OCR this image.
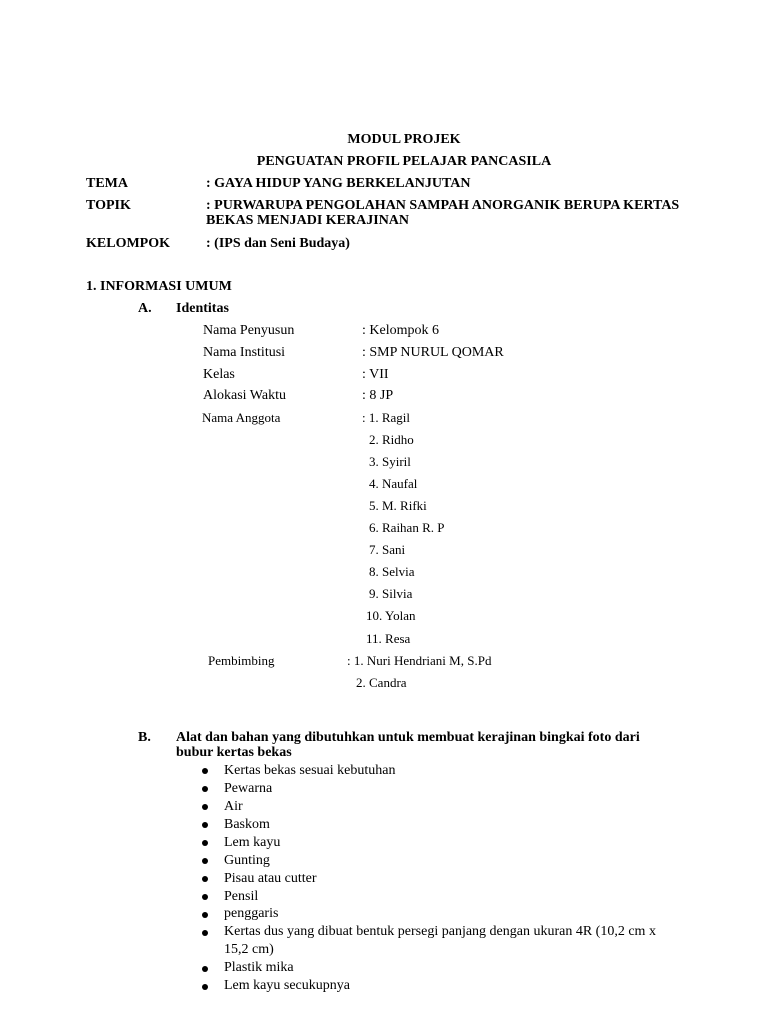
MODUL PROJEK
PENGUATAN PROFIL PELAJAR PANCASILA
TEMA	: GAYA HIDUP YANG BERKELANJUTAN
TOPIK	: PURWARUPA PENGOLAHAN SAMPAH ANORGANIK BERUPA KERTAS
BEKAS MENJADI KERAJINAN
KELOMPOK	: (IPS dan Seni Budaya)
1. INFORMASI UMUM
A. Identitas
Nama Penyusun	: Kelompok 6
Nama Institusi	: SMP NURUL QOMAR
Kelas	: VII
Alokasi Waktu	: 8 JP
Nama Anggota	: 1. Ragil
2. Ridho
3. Syiril
4. Naufal
5. M. Rifki
6. Raihan R. P
7. Sani
8. Selvia
9. Silvia
10. Yolan
11. Resa
Pembimbing	: 1. Nuri Hendriani M, S.Pd
2. Candra
B. Alat dan bahan yang dibutuhkan untuk membuat kerajinan bingkai foto dari
bubur kertas bekas
Kertas bekas sesuai kebutuhan
Pewarna
Air
Baskom
Lem kayu
Gunting
Pisau atau cutter
Pensil
penggaris
Kertas dus yang dibuat bentuk persegi panjang dengan ukuran 4R (10,2 cm x
15,2 cm)
Plastik mika
Lem kayu secukupnya
